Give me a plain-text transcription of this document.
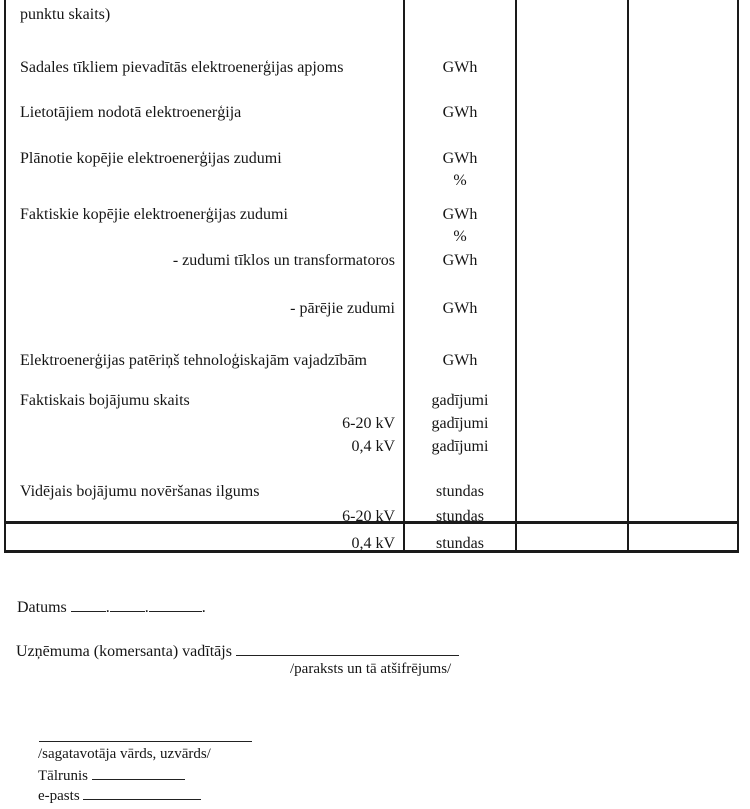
punktu skaits)
Sadales tīkliem pievadītās elektroenerģijas apjoms	GWh
Lietotājiem nodotā elektroenerģija	GWh
Plānotie kopējie elektroenerģijas zudumi	GWh
%
Faktiskie kopējie elektroenerģijas zudumi	GWh
%
- zudumi tīklos un transformatoros	GWh
- pārējie zudumi	GWh
Elektroenerģijas patēriņš tehnoloģiskajām vajadzībām	GWh
Faktiskais bojājumu skaits	gadījumi
6-20 kV	gadījumi
0,4 kV	gadījumi
Vidējais bojājumu novēršanas ilgums	stundas
6-20 kV	stundas
0,4 kV	stundas
Datums . .	.
Uzņēmuma (komersanta) vadītājs
/paraksts un tā atšifrējums/
/sagatavotāja vārds, uzvārds/
Tālrunis
e-pasts
